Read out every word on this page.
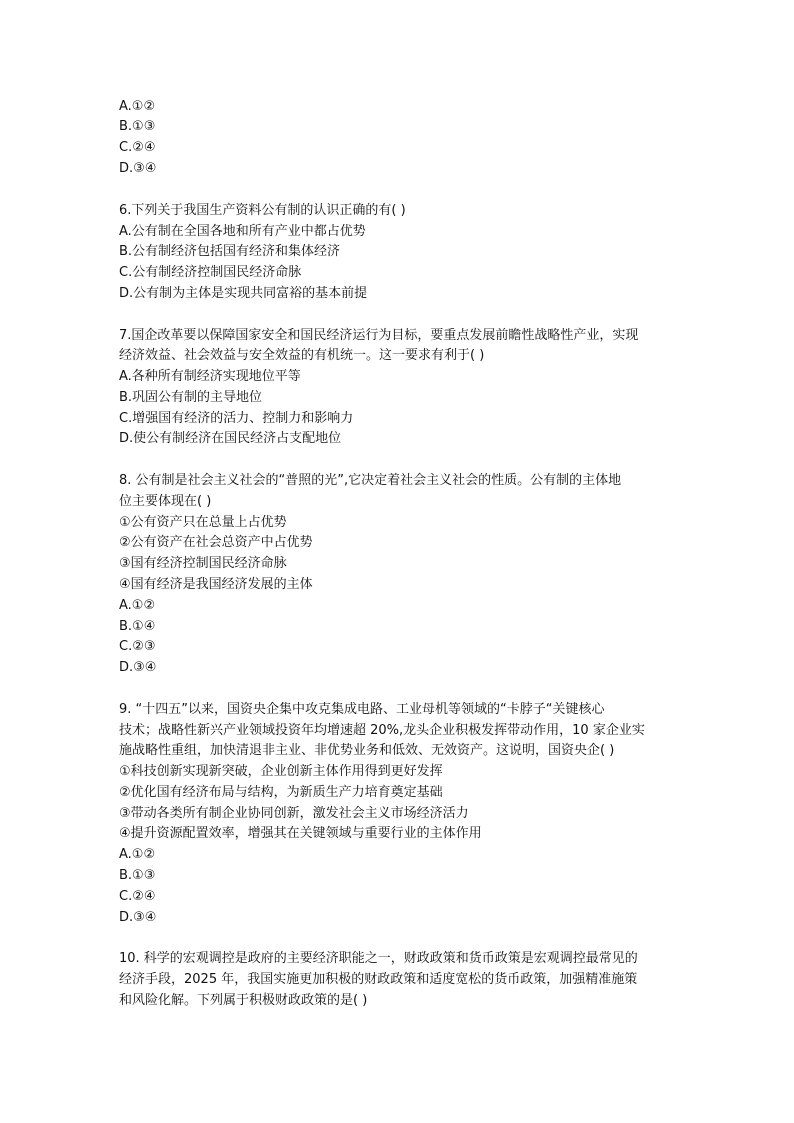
A.①②
B.①③
C.②④
D.③④
6.下列关于我国生产资料公有制的认识正确的有( )
A.公有制在全国各地和所有产业中都占优势
B.公有制经济包括国有经济和集体经济
C.公有制经济控制国民经济命脉
D.公有制为主体是实现共同富裕的基本前提
7.国企改革要以保障国家安全和国民经济运行为目标，要重点发展前瞻性战略性产业，实现
经济效益、社会效益与安全效益的有机统一。这一要求有利于( )
A.各种所有制经济实现地位平等
B.巩固公有制的主导地位
C.增强国有经济的活力、控制力和影响力
D.使公有制经济在国民经济占支配地位
8. 公有制是社会主义社会的“普照的光”,它决定着社会主义社会的性质。公有制的主体地
位主要体现在( )
①公有资产只在总量上占优势
②公有资产在社会总资产中占优势
③国有经济控制国民经济命脉
④国有经济是我国经济发展的主体
A.①②
B.①④
C.②③
D.③④
9. “十四五”以来，国资央企集中攻克集成电路、工业母机等领域的“卡脖子“关键核心
技术；战略性新兴产业领域投资年均增速超 20%,龙头企业积极发挥带动作用，10 家企业实
施战略性重组，加快清退非主业、非优势业务和低效、无效资产。这说明，国资央企( )
①科技创新实现新突破，企业创新主体作用得到更好发挥
②优化国有经济布局与结构，为新质生产力培育奠定基础
③带动各类所有制企业协同创新，激发社会主义市场经济活力
④提升资源配置效率，增强其在关键领域与重要行业的主体作用
A.①②
B.①③
C.②④
D.③④
10. 科学的宏观调控是政府的主要经济职能之一，财政政策和货币政策是宏观调控最常见的
经济手段，2025 年，我国实施更加积极的财政政策和适度宽松的货币政策，加强精准施策
和风险化解。下列属于积极财政政策的是( )
